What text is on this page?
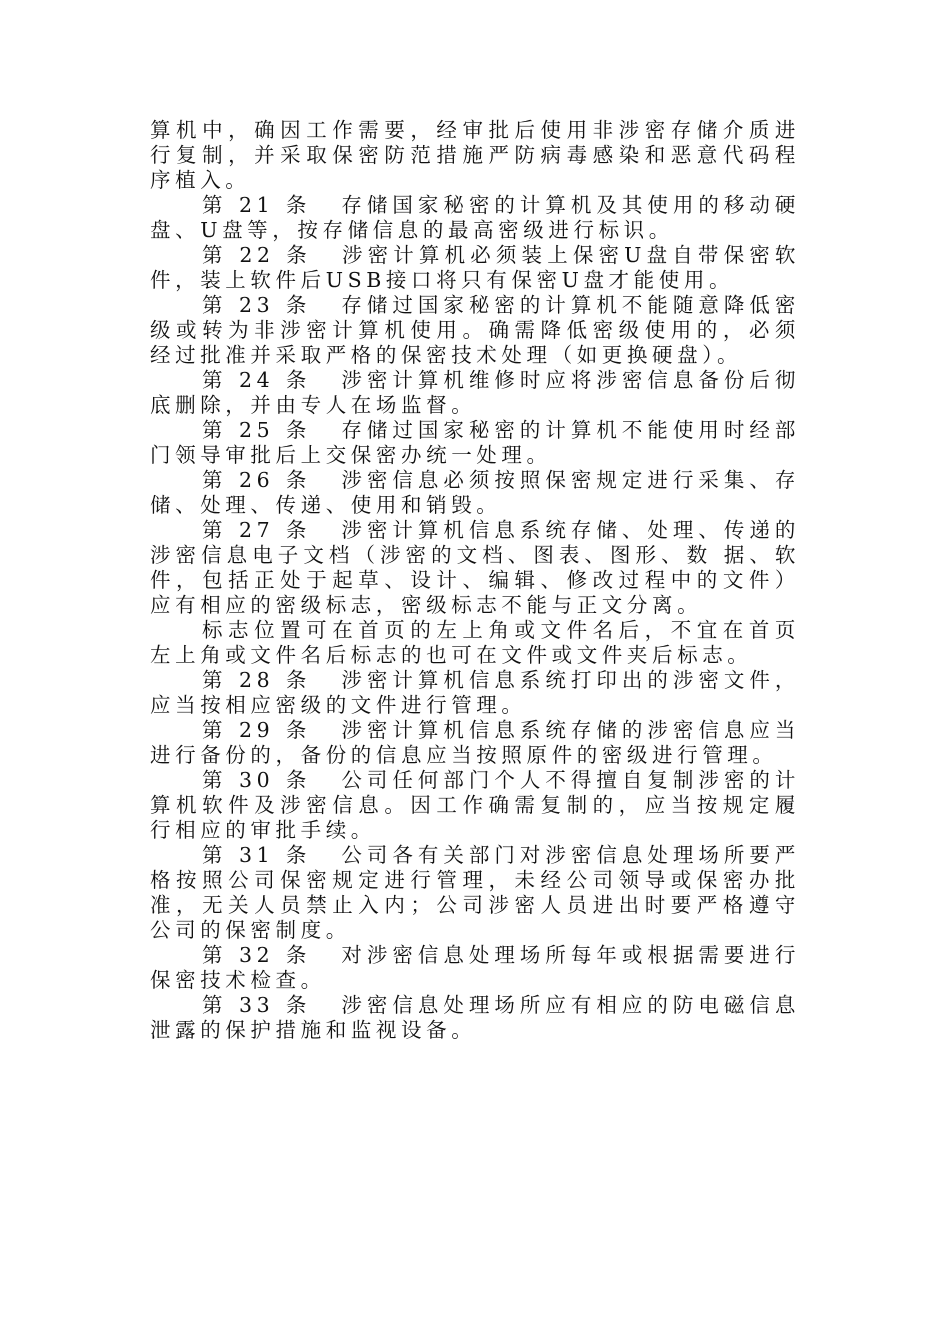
算机中，确因工作需要，经审批后使用非涉密存储介质进行复制，并采取保密防范措施严防病毒感染和恶意代码程序植入。

第 21 条 存储国家秘密的计算机及其使用的移动硬盘、U盘等，按存储信息的最高密级进行标识。

第 22 条 涉密计算机必须装上保密U盘自带保密软件，装上软件后USB接口将只有保密U盘才能使用。

第 23 条 存储过国家秘密的计算机不能随意降低密级或转为非涉密计算机使用。确需降低密级使用的，必须经过批准并采取严格的保密技术处理（如更换硬盘）。

第 24 条 涉密计算机维修时应将涉密信息备份后彻底删除，并由专人在场监督。

第 25 条 存储过国家秘密的计算机不能使用时经部门领导审批后上交保密办统一处理。

第 26 条 涉密信息必须按照保密规定进行采集、存储、处理、传递、使用和销毁。

第 27 条 涉密计算机信息系统存储、处理、传递的涉密信息电子文档（涉密的文档、图表、图形、数 据、软件，包括正处于起草、设计、编辑、修改过程中的文件）应有相应的密级标志，密级标志不能与正文分离。

标志位置可在首页的左上角或文件名后，不宜在首页左上角或文件名后标志的也可在文件或文件夹后标志。

第 28 条 涉密计算机信息系统打印出的涉密文件，应当按相应密级的文件进行管理。

第 29 条 涉密计算机信息系统存储的涉密信息应当进行备份的，备份的信息应当按照原件的密级进行管理。

第 30 条 公司任何部门个人不得擅自复制涉密的计算机软件及涉密信息。因工作确需复制的，应当按规定履行相应的审批手续。

第 31 条 公司各有关部门对涉密信息处理场所要严格按照公司保密规定进行管理，未经公司领导或保密办批准，无关人员禁止入内；公司涉密人员进出时要严格遵守公司的保密制度。

第 32 条 对涉密信息处理场所每年或根据需要进行保密技术检查。

第 33 条 涉密信息处理场所应有相应的防电磁信息泄露的保护措施和监视设备。
